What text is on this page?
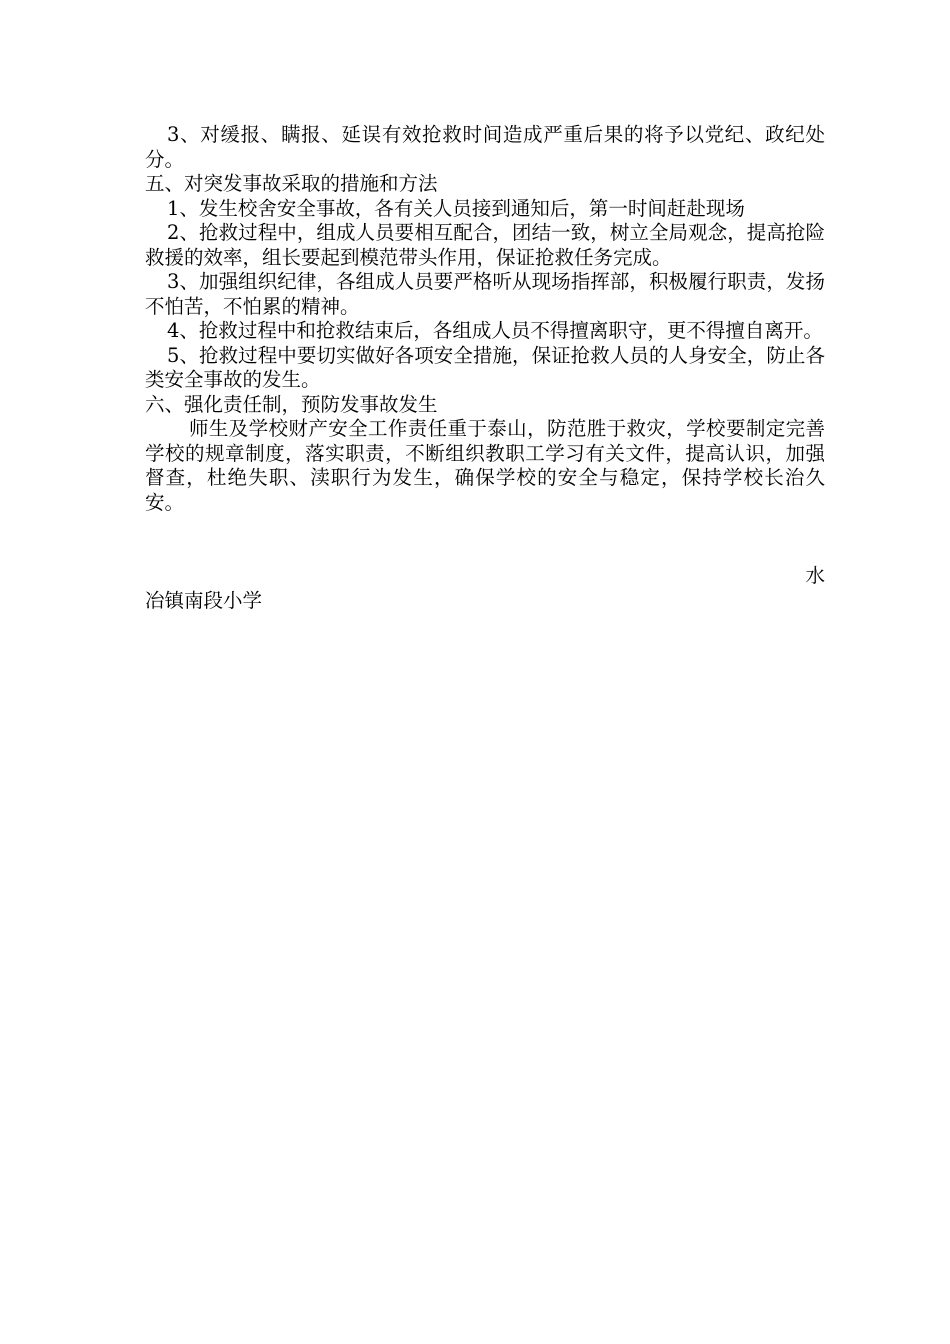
3、对缓报、瞒报、延误有效抢救时间造成严重后果的将予以党纪、政纪处分。

五、对突发事故采取的措施和方法

1、发生校舍安全事故，各有关人员接到通知后，第一时间赶赴现场

2、抢救过程中，组成人员要相互配合，团结一致，树立全局观念，提高抢险救援的效率，组长要起到模范带头作用，保证抢救任务完成。

3、加强组织纪律，各组成人员要严格听从现场指挥部，积极履行职责，发扬不怕苦，不怕累的精神。

4、抢救过程中和抢救结束后，各组成人员不得擅离职守，更不得擅自离开。

5、抢救过程中要切实做好各项安全措施，保证抢救人员的人身安全，防止各类安全事故的发生。

六、强化责任制，预防发事故发生

师生及学校财产安全工作责任重于泰山，防范胜于救灾，学校要制定完善学校的规章制度，落实职责，不断组织教职工学习有关文件，提高认识，加强督查，杜绝失职、渎职行为发生，确保学校的安全与稳定，保持学校长治久安。

水

冶镇南段小学
